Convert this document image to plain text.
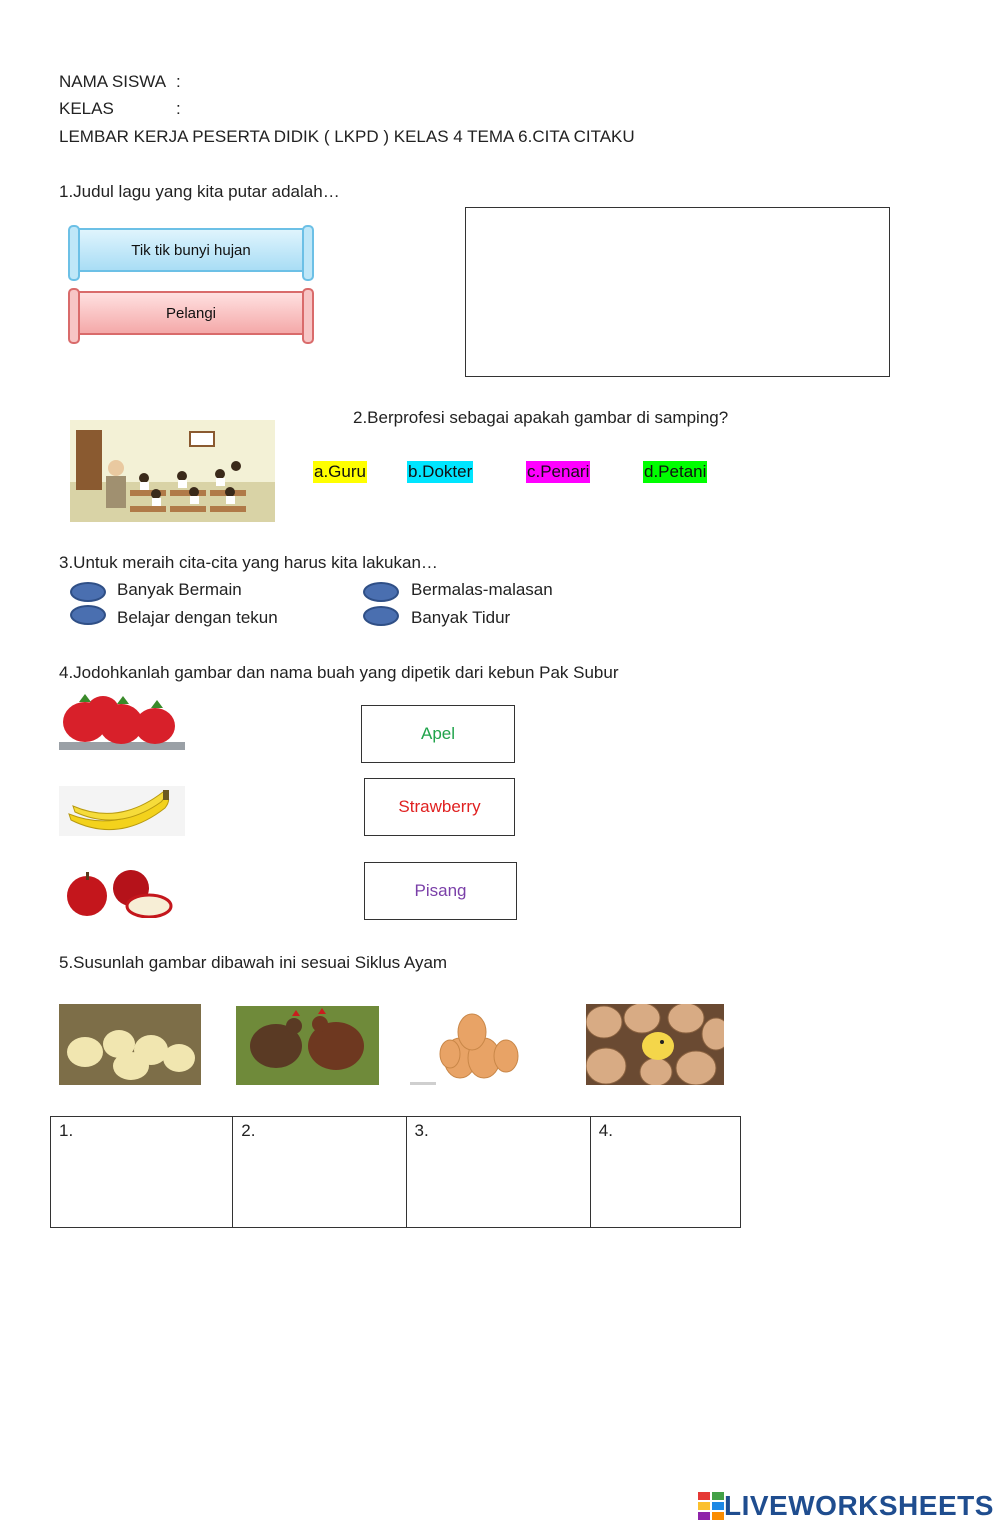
NAMA SISWA :
KELAS	:
LEMBAR KERJA PESERTA DIDIK ( LKPD ) KELAS 4 TEMA 6.CITA CITAKU
1.Judul lagu yang kita putar adalah…
Tik tik bunyi hujan
Pelangi
2.Berprofesi sebagai apakah gambar di samping?
a.Guru b.Dokter	c.Penari	d.Petani
3.Untuk meraih cita-cita yang harus kita lakukan…
Banyak Bermain
Belajar dengan tekun
Bermalas-malasan
Banyak Tidur
4.Jodohkanlah gambar dan nama buah yang dipetik dari kebun Pak Subur
Apel
Strawberry
Pisang
5.Susunlah gambar dibawah ini sesuai Siklus Ayam
1.	2.	3.	4.
LIVEWORKSHEETS
